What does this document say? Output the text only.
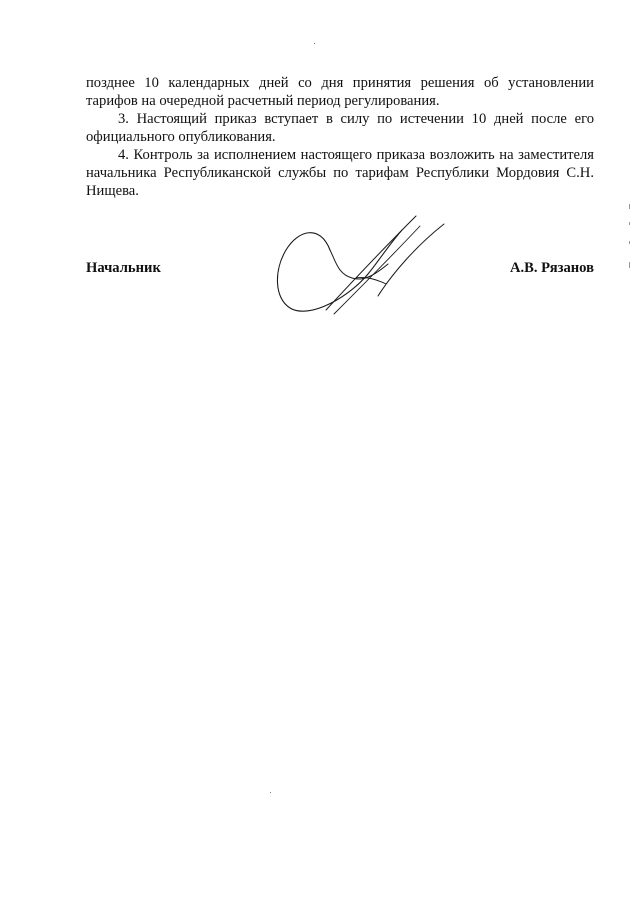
позднее 10 календарных дней со дня принятия решения об установлении тарифов на очередной расчетный период регулирования.

3. Настоящий приказ вступает в силу по истечении 10 дней после его официального опубликования.

4. Контроль за исполнением настоящего приказа возложить на заместителя начальника Республиканской службы по тарифам Республики Мордовия С.Н. Нищева.

Начальник	А.В. Рязанов
